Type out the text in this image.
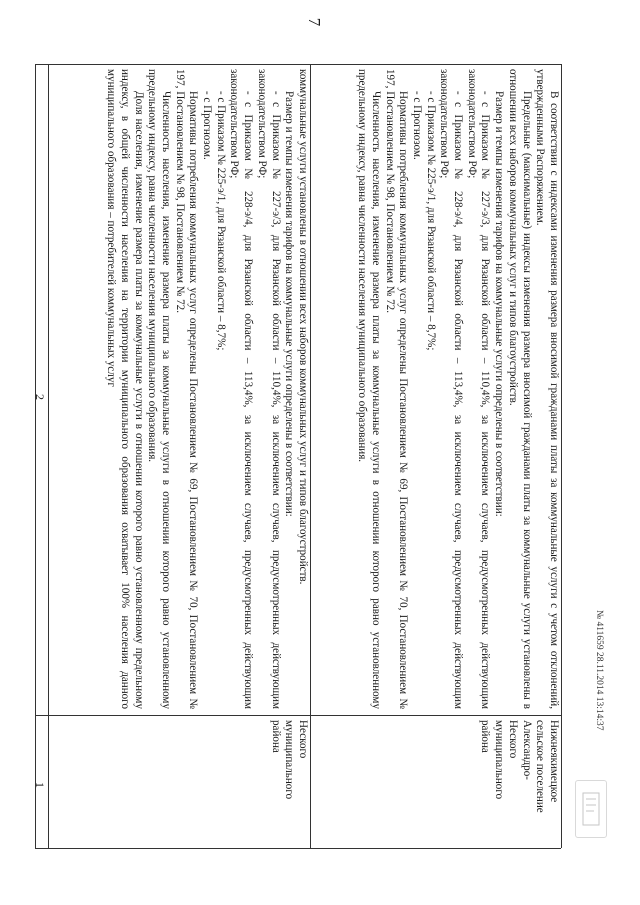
7
2
1

коммунальные услуги установлены в отношении всех наборов коммунальных услуг и типов благоустройств.

Размер и темпы изменения тарифов на коммунальные услуги определены в соответствии:

- с Приказом № 227-э/3, для Рязанской области – 110,4%, за исключением случаев, предусмотренных действующим законодательством РФ;

- с Приказом № 228-э/4, для Рязанской области – 113,4%, за исключением случаев, предусмотренных действующим законодательством РФ;

- с Приказом № 225-э/1, для Рязанской области – 8,7%;

- с Прогнозом.

Нормативы потребления коммунальных услуг определены Постановлением № 69, Постановлением № 70, Постановлением № 197, Постановлением № 98, Постановлением № 72.

Численность населения, изменение размера платы за коммунальные услуги в отношении которого равно установленному предельному индексу, равна численности населения муниципального образования.

Доля населения, изменение размера платы за коммунальные услуги в отношении которого равно установленному предельному индексу, в общей численности населения на территории муниципального образования охватывает 100% населения данного муниципального образования – потребителей коммунальных услуг

Неского
муниципального
района

В соответствии с индексами изменения размера вносимой гражданами платы за коммунальные услуги с учетом отклонений, утвержденными Распоряжением.

Предельные (максимальные) индексы изменения размера вносимой гражданами платы за коммунальные услуги установлены в отношении всех наборов коммунальных услуг и типов благоустройств.

Размер и темпы изменения тарифов на коммунальные услуги определены в соответствии:

- с Приказом № 227-э/3, для Рязанской области – 110,4%, за исключением случаев, предусмотренных действующим законодательством РФ;

- с Приказом № 228-э/4, для Рязанской области – 113,4%, за исключением случаев, предусмотренных действующим законодательством РФ;

- с Приказом № 225-э/1, для Рязанской области – 8,7%;

- с Прогнозом.

Нормативы потребления коммунальных услуг определены Постановлением № 69, Постановлением № 70, Постановлением № 197, Постановлением № 98, Постановлением № 72.

Численность населения, изменение размера платы за коммунальные услуги в отношении которого равно установленному предельному индексу, равна численности населения муниципального образования.

Нижнеякимецкое
сельское поселение
Александро-
Неского
муниципального
района
№ 411659 28.11.2014 13:14:37
